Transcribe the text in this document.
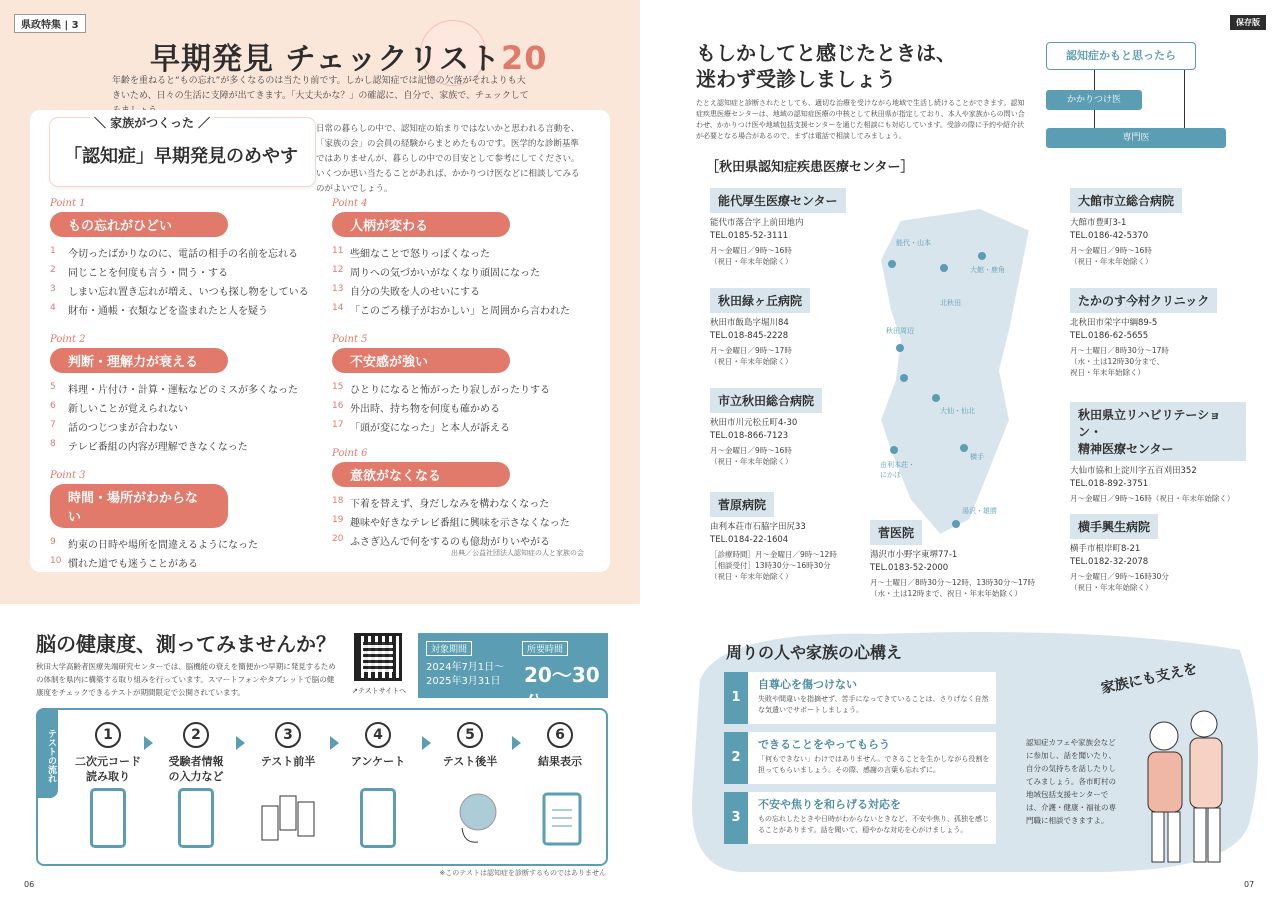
県政特集 | 3
早期発見 チェックリスト20
年齢を重ねると“もの忘れ”が多くなるのは当たり前です。しかし認知症では記憶の欠落がそれよりも大きいため、日々の生活に支障が出てきます。「大丈夫かな？」の確認に、自分で、家族で、チェックして
＼ 家族がつくった ／
「認知症」早期発見のめやす
日常の暮らしの中で、認知症の始まりではないかと思われる言動を、「家族の会」の会員の経験からまとめたものです。医学的な診断基準ではありませんが、暮らしの中での目安として参考にしてください。いくつか思い当たることがあれば、かかりつけ医などに相談してみるのがよいでしょう。
Point 1
もの忘れがひどい
1	今切ったばかりなのに、電話の相手の名前を忘れる
2	同じことを何度も言う・問う・する
3	しまい忘れ置き忘れが増え、いつも探し物をしている
4	財布・通帳・衣類などを盗まれたと人を疑う
Point 2
判断・理解力が衰える
5	料理・片付け・計算・運転などのミスが多くなった
6	新しいことが覚えられない
7	話のつじつまが合わない
8	テレビ番組の内容が理解できなくなった
Point 3
時間・場所がわからない
9	約束の日時や場所を間違えるようになった
10 慣れた道でも迷うことがある
Point 4
人柄が変わる
11 些細なことで怒りっぽくなった
12 周りへの気づかいがなくなり頑固になった
13 自分の失敗を人のせいにする
14 「このごろ様子がおかしい」と周囲から言われた
Point 5
不安感が強い
15 ひとりになると怖がったり寂しがったりする
16 外出時、持ち物を何度も確かめる
17 「頭が変になった」と本人が訴える
Point 6
意欲がなくなる
18 下着を替えず、身だしなみを構わなくなった
19 趣味や好きなテレビ番組に興味を示さなくなった
20 ふさぎ込んで何をするのも億劫がりいやがる
出典／公益社団法人認知症の人と家族の会
脳の健康度、測ってみませんか？
秋田大学高齢者医療先端研究センターでは、脳機能の衰えを簡便かつ早期に発見するための体制を県内に構築する取り組みを行っています。スマートフォンやタブレットで脳の健康度をチェックできるテストが期間限定で公開されています。	↗テストサイトへ
対象期間
2024年7月1日〜
2025年3月31日
所要時間
20〜30分
テストの流れ	1
二次元コード
読み取り
2
受験者情報
の入力など
3
テスト前半
4
アンケート
5
テスト後半
6
結果表示
※このテストは認知症を診断するものではありません
06
保存版
もしかしてと感じたときは、
迷わず受診しましょう
たとえ認知症と診断されたとしても、適切な治療を受けながら地域で生活し続けることができます。認知症疾患医療センターは、地域の認知症医療の中核として秋田県が指定しており、本人や家族からの問い合わせ、かかりつけ医や地域包括支援センターを通じた相談にも対応しています。受診の際に予約や紹介状が必要となる場合があるので、まずは電話で相談してみましょう。
認知症かもと思ったら
かかりつけ医
専門医
［秋田県認知症疾患医療センター］
能代・山本
大館・鹿角
北秋田
秋田周辺
大仙・仙北
由利本荘・にかほ
横手
湯沢・雄勝
能代厚生医療センター
能代市落合字上前田地内
TEL.0185-52-3111
月〜金曜日／9時〜16時
（祝日・年末年始除く）
秋田緑ヶ丘病院
秋田市飯島字堀川84
TEL.018-845-2228
月〜金曜日／9時〜17時
（祝日・年末年始除く）
市立秋田総合病院
秋田市川元松丘町4-30
TEL.018-866-7123
月〜金曜日／9時〜16時
（祝日・年末年始除く）
菅原病院
由利本荘市石脇字田尻33
TEL.0184-22-1604
［診療時間］月〜金曜日／9時〜12時
［相談受付］13時30分〜16時30分
（祝日・年末年始除く）
菅医院
湯沢市小野字東堺77-1
TEL.0183-52-2000
月〜土曜日／8時30分〜12時、13時30分〜17時
（水・土は12時まで、祝日・年末年始除く）
大館市立総合病院
大館市豊町3-1
TEL.0186-42-5370
月〜金曜日／9時〜16時
（祝日・年末年始除く）
たかのす今村クリニック
北秋田市栄字中綱89-5
TEL.0186-62-5655
月〜土曜日／8時30分〜17時
（水・土は12時30分まで、
祝日・年末年始除く）
秋田県立リハビリテーション・
精神医療センター
大仙市協和上淀川字五百刈田352
TEL.018-892-3751
月〜金曜日／9時〜16時（祝日・年末年始除く）
横手興生病院
横手市根岸町8-21
TEL.0182-32-2078
月〜金曜日／9時〜16時30分
（祝日・年末年始除く）
周りの人や家族の心構え
1
自尊心を傷つけない
失敗や間違いを指摘せず、苦手になってきていることは、さりげなく自然な気遣いでサポートしましょう。
2
できることをやってもらう
「何もできない」わけではありません。できることを生かしながら役割を担ってもらいましょう。その際、感謝の言葉も忘れずに。
3
不安や焦りを和らげる対応を
もの忘れしたときや日時がわからないときなど、不安や焦り、孤独を感じることがあります。話を聞いて、穏やかな対応を心がけましょう。
家族にも支えを
認知症カフェや家族会などに参加し、話を聞いたり、自分の気持ちを話したりしてみましょう。各市町村の地域包括支援センターでは、介護・健康・福祉の専門職に相談できますよ。
07
